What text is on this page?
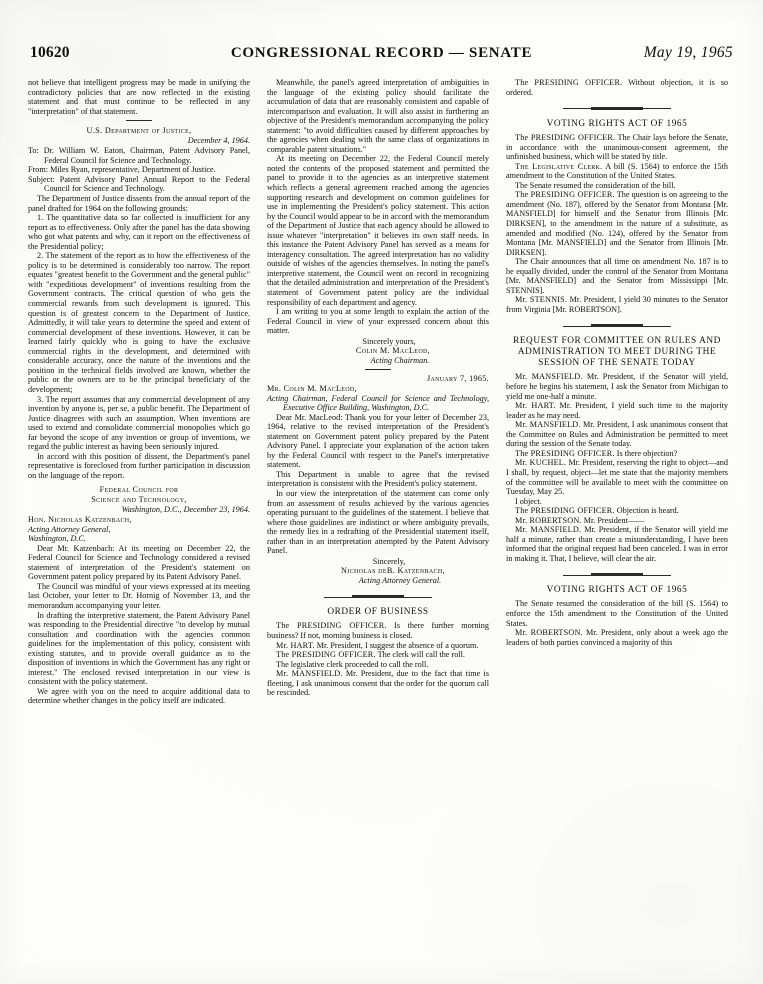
10620	CONGRESSIONAL RECORD — SENATE	May 19, 1965

not believe that intelligent progress may be made in unifying the contradictory policies that are now reflected in the existing statement and that must continue to be reflected in any "interpretation" of that statement.

U.S. Department of Justice,

December 4, 1964.

To: Dr. William W. Eaton, Chairman, Patent Advisory Panel, Federal Council for Science and Technology.

From: Miles Ryan, representative, Department of Justice.

Subject: Patent Advisory Panel Annual Report to the Federal Council for Science and Technology.

The Department of Justice dissents from the annual report of the panel drafted for 1964 on the following grounds:

1. The quantitative data so far collected is insufficient for any report as to effectiveness. Only after the panel has the data showing who got what patents and why, can it report on the effectiveness of the Presidential policy;

2. The statement of the report as to how the effectiveness of the policy is to be determined is considerably too narrow. The report equates "greatest benefit to the Government and the general public" with "expeditious development" of inventions resulting from the Government contracts. The critical question of who gets the commercial rewards from such development is ignored. This question is of greatest concern to the Department of Justice. Admittedly, it will take years to determine the speed and extent of commercial development of these inventions. However, it can be learned fairly quickly who is going to have the exclusive commercial rights in the development, and determined with considerable accuracy, once the nature of the inventions and the position in the technical fields involved are known, whether the public or the owners are to be the principal beneficiary of the development;

3. The report assumes that any commercial development of any invention by anyone is, per se, a public benefit. The Department of Justice disagrees with such an assumption. When inventions are used to extend and consolidate commercial monopolies which go far beyond the scope of any invention or group of inventions, we regard the public interest as having been seriously injured.

In accord with this position of dissent, the Department's panel representative is foreclosed from further participation in discussion on the language of the report.

Federal Council for
Science and Technology,

Washington, D.C., December 23, 1964.

Hon. Nicholas Katzenbach,

Acting Attorney General,

Washington, D.C.

Dear Mr. Katzenbach: At its meeting on December 22, the Federal Council for Science and Technology considered a revised statement of interpretation of the President's statement on Government patent policy prepared by its Patent Advisory Panel.

The Council was mindful of your views expressed at its meeting last October, your letter to Dr. Hornig of November 13, and the memorandum accompanying your letter.

In drafting the interpretive statement, the Patent Advisory Panel was responding to the Presidential directive "to develop by mutual consultation and coordination with the agencies common guidelines for the implementation of this policy, consistent with existing statutes, and to provide overall guidance as to the disposition of inventions in which the Government has any right or interest." The enclosed revised interpretation in our view is consistent with the policy statement.

We agree with you on the need to acquire additional data to determine whether changes in the policy itself are indicated.

Meanwhile, the panel's agreed interpretation of ambiguities in the language of the existing policy should facilitate the accumulation of data that are reasonably consistent and capable of intercomparison and evaluation. It will also assist in furthering an objective of the President's memorandum accompanying the policy statement: "to avoid difficulties caused by different approaches by the agencies when dealing with the same class of organizations in comparable patent situations."

At its meeting on December 22, the Federal Council merely noted the contents of the proposed statement and permitted the panel to provide it to the agencies as an interpretive statement which reflects a general agreement reached among the agencies supporting research and development on common guidelines for use in implementing the President's policy statement. This action by the Council would appear to be in accord with the memorandum of the Department of Justice that each agency should be allowed to issue whatever "interpretation" it believes its own staff needs. In this instance the Patent Advisory Panel has served as a means for interagency consultation. The agreed interpretation has no validity outside of wishes of the agencies themselves. In noting the panel's interpretive statement, the Council went on record in recognizing that the detailed administration and interpretation of the President's statement of Government patent policy are the individual responsibility of each department and agency.

I am writing to you at some length to explain the action of the Federal Council in view of your expressed concern about this matter.

Sincerely yours,

Colin M. MacLeod,

Acting Chairman.

January 7, 1965.

Mr. Colin M. MacLeod,

Acting Chairman, Federal Council for Science and Technology, Executive Office Building, Washington, D.C.

Dear Mr. MacLeod: Thank you for your letter of December 23, 1964, relative to the revised interpretation of the President's statement on Government patent policy prepared by the Patent Advisory Panel. I appreciate your explanation of the action taken by the Federal Council with respect to the Panel's interpretative statement.

This Department is unable to agree that the revised interpretation is consistent with the President's policy statement.

In our view the interpretation of the statement can come only from an assessment of results achieved by the various agencies operating pursuant to the guidelines of the statement. I believe that where those guidelines are indistinct or where ambiguity prevails, the remedy lies in a redrafting of the Presidential statement itself, rather than in an interpretation attempted by the Patent Advisory Panel.

Sincerely,

Nicholas deB. Katzenbach,

Acting Attorney General.

ORDER OF BUSINESS

The PRESIDING OFFICER. Is there further morning business? If not, morning business is closed.

Mr. HART. Mr. President, I suggest the absence of a quorum.

The PRESIDING OFFICER. The clerk will call the roll.

The legislative clerk proceeded to call the roll.

Mr. MANSFIELD. Mr. President, due to the fact that time is fleeting, I ask unanimous consent that the order for the quorum call be rescinded.

The PRESIDING OFFICER. Without objection, it is so ordered.

VOTING RIGHTS ACT OF 1965

The PRESIDING OFFICER. The Chair lays before the Senate, in accordance with the unanimous-consent agreement, the unfinished business, which will be stated by title.

The Legislative Clerk. A bill (S. 1564) to enforce the 15th amendment to the Constitution of the United States.

The Senate resumed the consideration of the bill.

The PRESIDING OFFICER. The question is on agreeing to the amendment (No. 187), offered by the Senator from Montana [Mr. MANSFIELD] for himself and the Senator from Illinois [Mr. DIRKSEN], to the amendment in the nature of a substitute, as amended and modified (No. 124), offered by the Senator from Montana [Mr. MANSFIELD] and the Senator from Illinois [Mr. DIRKSEN].

The Chair announces that all time on amendment No. 187 is to be equally divided, under the control of the Senator from Montana [Mr. MANSFIELD] and the Senator from Mississippi [Mr. STENNIS].

Mr. STENNIS. Mr. President, I yield 30 minutes to the Senator from Virginia [Mr. ROBERTSON].

REQUEST FOR COMMITTEE ON RULES AND ADMINISTRATION TO MEET DURING THE SESSION OF THE SENATE TODAY

Mr. MANSFIELD. Mr. President, if the Senator will yield, before he begins his statement, I ask the Senator from Michigan to yield me one-half a minute.

Mr. HART. Mr. President, I yield such time to the majority leader as he may need.

Mr. MANSFIELD. Mr. President, I ask unanimous consent that the Committee on Rules and Administration be permitted to meet during the session of the Senate today.

The PRESIDING OFFICER. Is there objection?

Mr. KUCHEL. Mr. President, reserving the right to object—and I shall, by request, object—let me state that the majority members of the committee will be available to meet with the committee on Tuesday, May 25.

I object.

The PRESIDING OFFICER. Objection is heard.

Mr. ROBERTSON. Mr. President——

Mr. MANSFIELD. Mr. President, if the Senator will yield me half a minute, rather than create a misunderstanding, I have been informed that the original request had been canceled. I was in error in making it. That, I believe, will clear the air.

VOTING RIGHTS ACT OF 1965

The Senate resumed the consideration of the bill (S. 1564) to enforce the 15th amendment to the Constitution of the United States.

Mr. ROBERTSON. Mr. President, only about a week ago the leaders of both parties convinced a majority of this
